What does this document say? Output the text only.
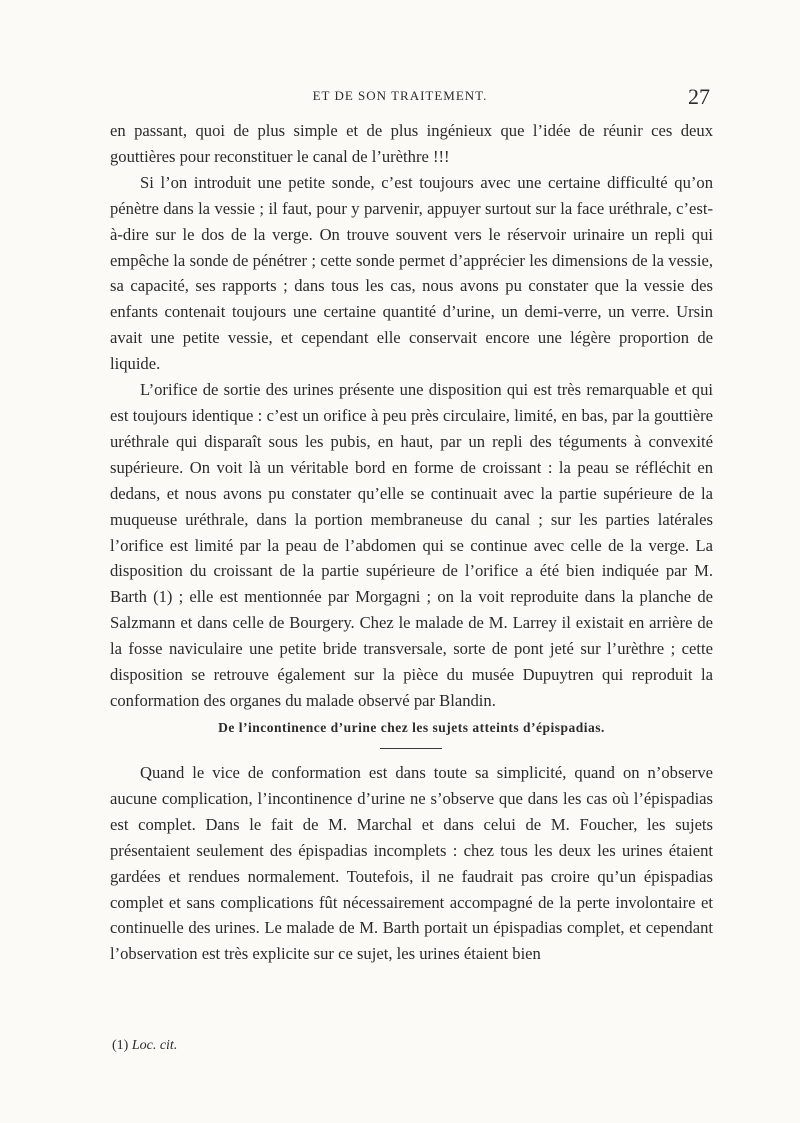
ET DE SON TRAITEMENT.	27

en passant, quoi de plus simple et de plus ingénieux que l’idée de réunir ces deux gouttières pour reconstituer le canal de l’urèthre !!!

Si l’on introduit une petite sonde, c’est toujours avec une certaine difficulté qu’on pénètre dans la vessie ; il faut, pour y parvenir, appuyer surtout sur la face uréthrale, c’est-à-dire sur le dos de la verge. On trouve souvent vers le réservoir urinaire un repli qui empêche la sonde de pénétrer ; cette sonde permet d’apprécier les dimensions de la vessie, sa capacité, ses rapports ; dans tous les cas, nous avons pu constater que la vessie des enfants contenait toujours une certaine quantité d’urine, un demi-verre, un verre. Ursin avait une petite vessie, et cependant elle conservait encore une légère proportion de liquide.

L’orifice de sortie des urines présente une disposition qui est très remarquable et qui est toujours identique : c’est un orifice à peu près circulaire, limité, en bas, par la gouttière uréthrale qui disparaît sous les pubis, en haut, par un repli des téguments à convexité supérieure. On voit là un véritable bord en forme de croissant : la peau se réfléchit en dedans, et nous avons pu constater qu’elle se continuait avec la partie supérieure de la muqueuse uréthrale, dans la portion membraneuse du canal ; sur les parties latérales l’orifice est limité par la peau de l’abdomen qui se continue avec celle de la verge. La disposition du croissant de la partie supérieure de l’orifice a été bien indiquée par M. Barth (1) ; elle est mentionnée par Morgagni ; on la voit reproduite dans la planche de Salzmann et dans celle de Bourgery. Chez le malade de M. Larrey il existait en arrière de la fosse naviculaire une petite bride transversale, sorte de pont jeté sur l’urèthre ; cette disposition se retrouve également sur la pièce du musée Dupuytren qui reproduit la conformation des organes du malade observé par Blandin.

De l’incontinence d’urine chez les sujets atteints d’épispadias.

Quand le vice de conformation est dans toute sa simplicité, quand on n’observe aucune complication, l’incontinence d’urine ne s’observe que dans les cas où l’épispadias est complet. Dans le fait de M. Marchal et dans celui de M. Foucher, les sujets présentaient seulement des épispadias incomplets : chez tous les deux les urines étaient gardées et rendues normalement. Toutefois, il ne faudrait pas croire qu’un épispadias complet et sans complications fût nécessairement accompagné de la perte involontaire et continuelle des urines. Le malade de M. Barth portait un épispadias complet, et cependant l’observation est très explicite sur ce sujet, les urines étaient bien

(1) Loc. cit.
